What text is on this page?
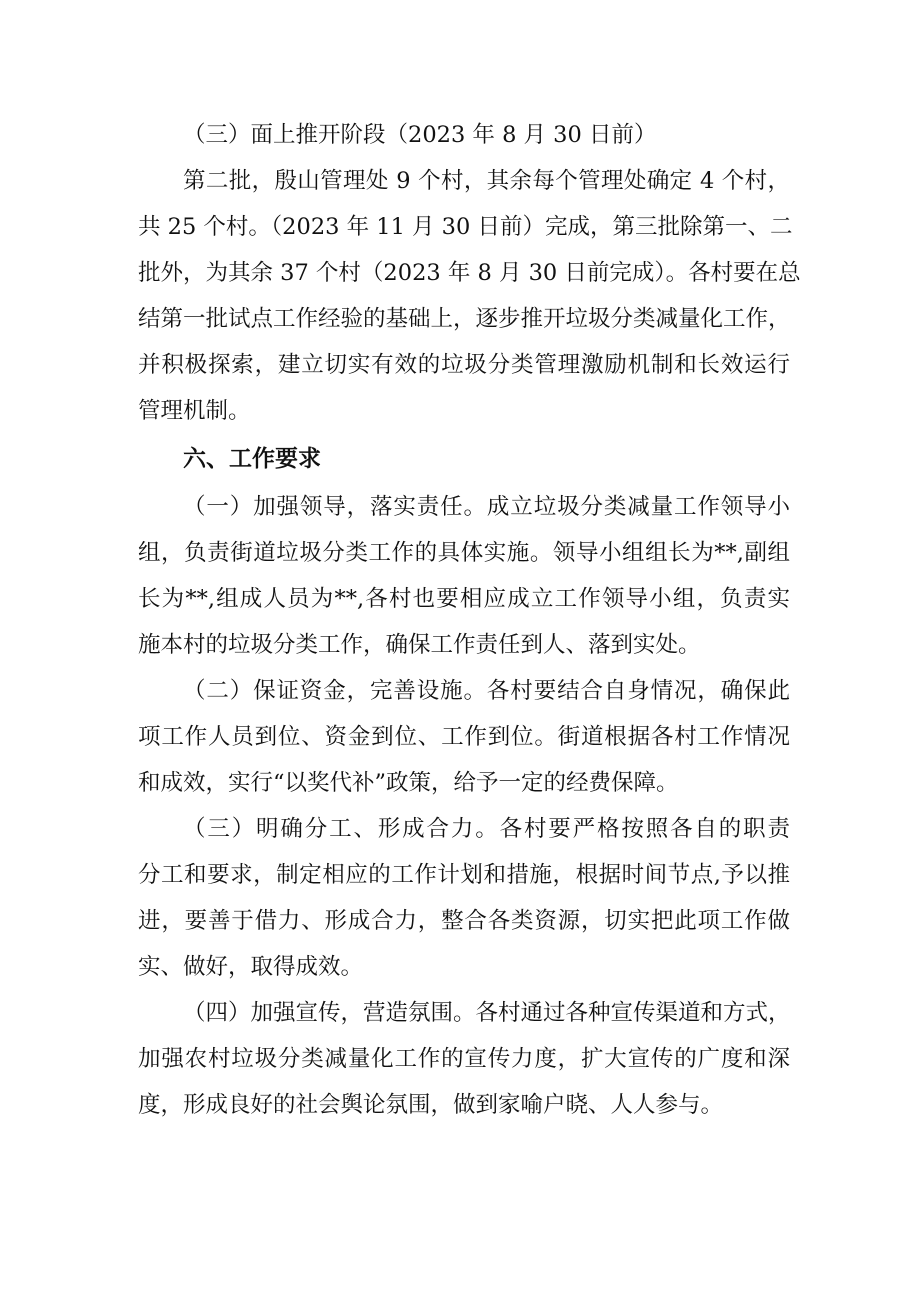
（三）面上推开阶段（2023 年 8 月 30 日前）
第二批，殷山管理处 9 个村，其余每个管理处确定 4 个村，
共 25 个村。（2023 年 11 月 30 日前）完成，第三批除第一、二
批外，为其余 37 个村（2023 年 8 月 30 日前完成）。各村要在总
结第一批试点工作经验的基础上，逐步推开垃圾分类减量化工作，
并积极探索，建立切实有效的垃圾分类管理激励机制和长效运行
管理机制。
六、工作要求
（一）加强领导，落实责任。成立垃圾分类减量工作领导小
组，负责街道垃圾分类工作的具体实施。领导小组组长为**,副组
长为**,组成人员为**,各村也要相应成立工作领导小组，负责实
施本村的垃圾分类工作，确保工作责任到人、落到实处。
（二）保证资金，完善设施。各村要结合自身情况，确保此
项工作人员到位、资金到位、工作到位。街道根据各村工作情况
和成效，实行“以奖代补”政策，给予一定的经费保障。
（三）明确分工、形成合力。各村要严格按照各自的职责
分工和要求，制定相应的工作计划和措施，根据时间节点,予以推
进，要善于借力、形成合力，整合各类资源，切实把此项工作做
实、做好，取得成效。
（四）加强宣传，营造氛围。各村通过各种宣传渠道和方式，
加强农村垃圾分类减量化工作的宣传力度，扩大宣传的广度和深
度，形成良好的社会舆论氛围，做到家喻户晓、人人参与。
